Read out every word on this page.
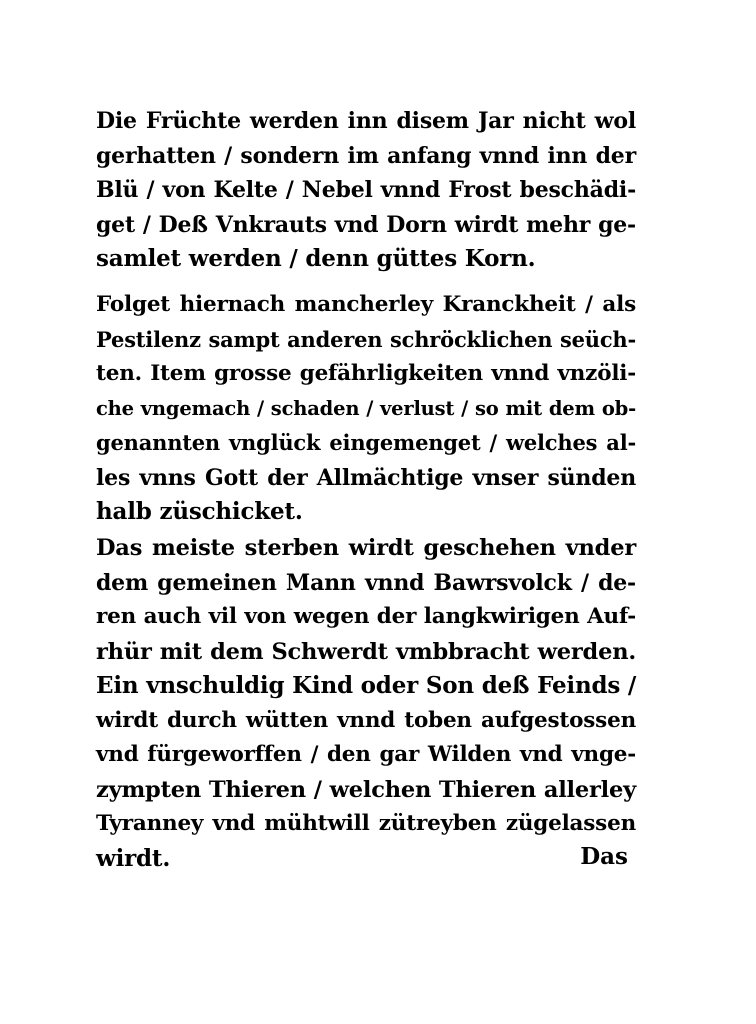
Die Früchte werden inn disem Jar nicht wol
gerhatten / sondern im anfang vnnd inn der
Blü / von Kelte / Nebel vnnd Frost beschädi-
get / Deß Vnkrauts vnd Dorn wirdt mehr ge-
samlet werden / denn güttes Korn.
Folget hiernach mancherley Kranckheit / als
Pestilenz sampt anderen schröcklichen seüch-
ten. Item grosse gefährligkeiten vnnd vnzöli-
che vngemach / schaden / verlust / so mit dem ob-
genannten vnglück eingemenget / welches al-
les vnns Gott der Allmächtige vnser sünden
halb züschicket.
Das meiste sterben wirdt geschehen vnder
dem gemeinen Mann vnnd Bawrsvolck / de-
ren auch vil von wegen der langkwirigen Auf-
rhür mit dem Schwerdt vmbbracht werden.
Ein vnschuldig Kind oder Son deß Feinds /
wirdt durch wütten vnnd toben aufgestossen
vnd fürgeworffen / den gar Wilden vnd vnge-
zympten Thieren / welchen Thieren allerley
Tyranney vnd mühtwill zütreyben zügelassen
wirdt.	Das
